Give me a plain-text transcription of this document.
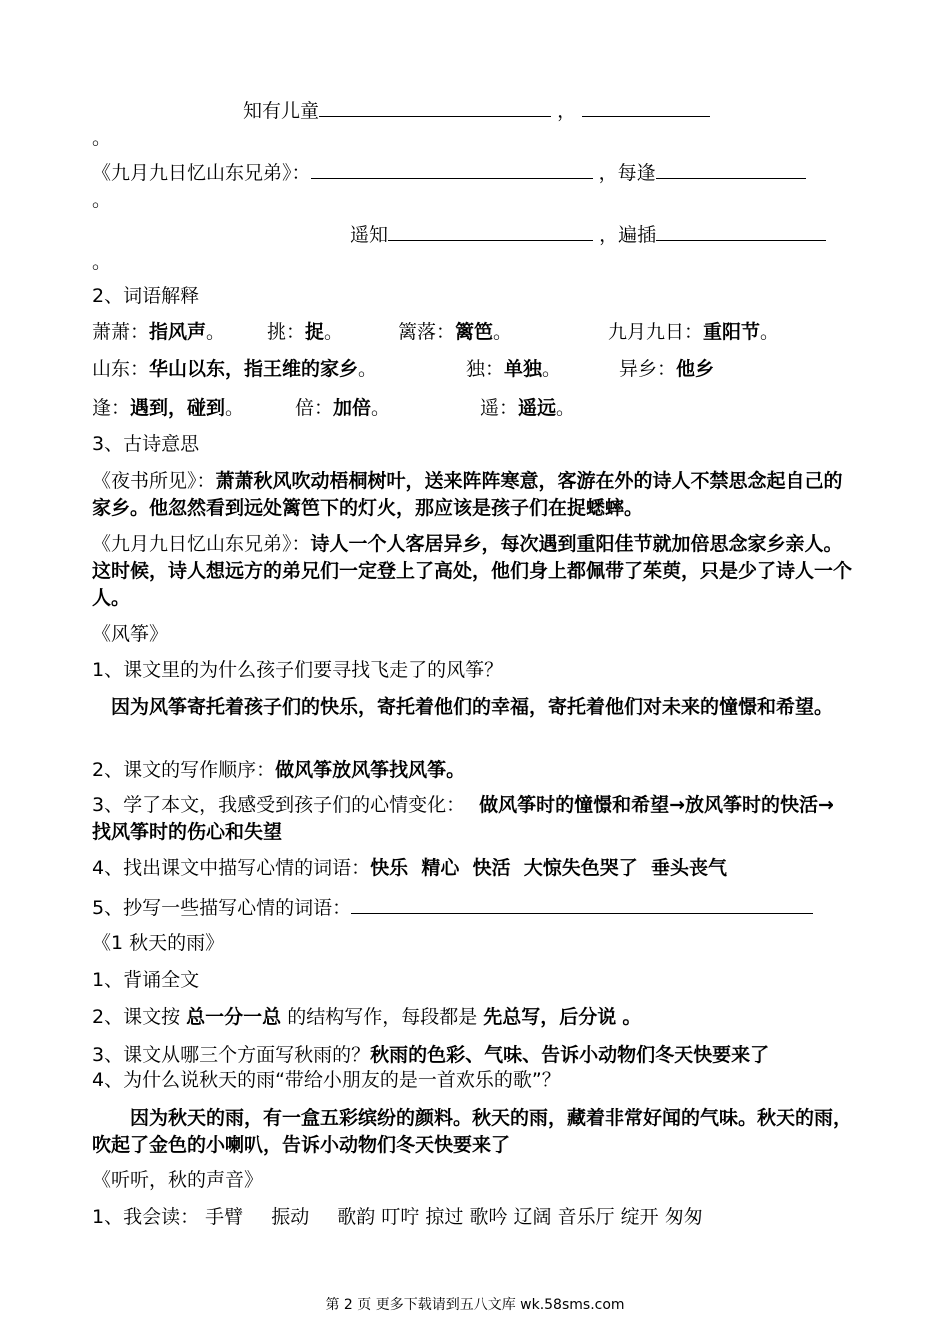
知有儿童	，
。
《九月九日忆山东兄弟》：	，每逢
。
遥知	，遍插
。
2、词语解释
萧萧：指风声。 挑：捉。	篱落：篱笆。	九月九日：重阳节。
山东：华山以东，指王维的家乡。	独：单独。	异乡：他乡
逢：遇到，碰到。	倍：加倍。	遥：遥远。
3、古诗意思
《夜书所见》：萧萧秋风吹动梧桐树叶，送来阵阵寒意，客游在外的诗人不禁思念起自己的家乡。他忽然看到远处篱笆下的灯火，那应该是孩子们在捉蟋蟀。
《九月九日忆山东兄弟》：诗人一个人客居异乡，每次遇到重阳佳节就加倍思念家乡亲人。这时候，诗人想远方的弟兄们一定登上了高处，他们身上都佩带了茱萸，只是少了诗人一个人。
《风筝》
1、课文里的为什么孩子们要寻找飞走了的风筝？
因为风筝寄托着孩子们的快乐，寄托着他们的幸福，寄托着他们对未来的憧憬和希望。
2、课文的写作顺序：做风筝放风筝找风筝。
3、学了本文，我感受到孩子们的心情变化： 做风筝时的憧憬和希望→放风筝时的快活→找风筝时的伤心和失望
4、找出课文中描写心情的词语：快乐  精心  快活  大惊失色哭了  垂头丧气
5、抄写一些描写心情的词语：
《1 秋天的雨》
1、背诵全文
2、课文按 总一分一总 的结构写作，每段都是 先总写，后分说 。
3、课文从哪三个方面写秋雨的？秋雨的色彩、气味、告诉小动物们冬天快要来了
4、为什么说秋天的雨“带给小朋友的是一首欢乐的歌”？
因为秋天的雨，有一盒五彩缤纷的颜料。秋天的雨，藏着非常好闻的气味。秋天的雨，吹起了金色的小喇叭，告诉小动物们冬天快要来了
《听听，秋的声音》
1、我会读： 手臂 振动 歌韵 叮咛 掠过 歌吟 辽阔 音乐厅 绽开 匆匆
第 2 页 更多下载请到五八文库 wk.58sms.com
